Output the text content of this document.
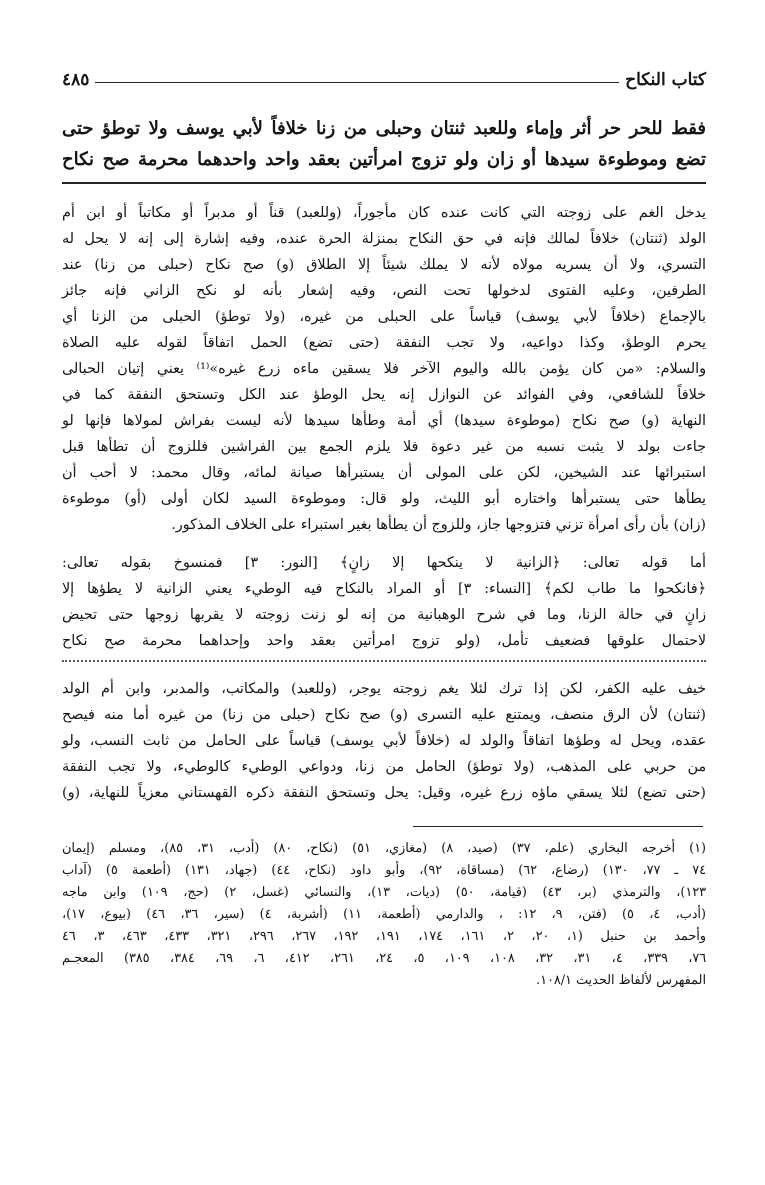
كتاب النكاح
٤٨٥
فقط للحر حر أثر وإماء وللعبد ثنتان وحبلى من زنا خلافاً لأبي يوسف ولا توطؤ حتى
تضع وموطوءة سيدها أو زان ولو تزوج امرأتين بعقد واحد واحدهما محرمة صح نكاح
يدخل الغم على زوجته التي كانت عنده كان مأجوراً، (وللعبد) قناً أو مدبراً أو مكاتباً أو ابن أم
الولد (ثنتان) خلافاً لمالك فإنه في حق النكاح بمنزلة الحرة عنده، وفيه إشارة إلى إنه لا يحل له
التسري، ولا أن يسريه مولاه لأنه لا يملك شيئاً إلا الطلاق (و) صح نكاح (حبلى من زنا) عند
الطرفين، وعليه الفتوى لدخولها تحت النص، وفيه إشعار بأنه لو نكح الزاني فإنه جائز
بالإجماع (خلافاً لأبي يوسف) قياساً على الحبلى من غيره، (ولا توطؤ) الحبلى من الزنا أي
يحرم الوطؤ، وكذا دواعيه، ولا تجب النفقة (حتى تضع) الحمل اتفاقاً لقوله عليه الصلاة
والسلام: «من كان يؤمن بالله واليوم الآخر فلا يسقين ماءه زرع غيره»⁽¹⁾ يعني إتيان الحبالى
خلافاً للشافعي، وفي الفوائد عن النوازل إنه يحل الوطؤ عند الكل وتستحق النفقة كما في
النهاية (و) صح نكاح (موطوءة سيدها) أي أمة وطأها سيدها لأنه ليست بفراش لمولاها فإنها لو
جاءت بولد لا يثبت نسبه من غير دعوة فلا يلزم الجمع بين الفراشين فللزوج أن تطأها قبل
استبرائها عند الشيخين، لكن على المولى أن يستبرأها صيانة لمائه، وقال محمد: لا أحب أن
يطأها حتى يستبرأها واختاره أبو الليث، ولو قال: وموطوءة السيد لكان أولى (أو) موطوءة
(زان) بأن رأى امرأة تزني فتزوجها جاز، وللزوج أن يطأها بغير استبراء على الخلاف المذكور.
أما قوله تعالى: ﴿الزانية لا ينكحها إلا زانٍ﴾ [النور: ٣] فمنسوخ بقوله تعالى:
﴿فانكحوا ما طاب لكم﴾ [النساء: ٣] أو المراد بالنكاح فيه الوطيء يعني الزانية لا يطؤها إلا
زانٍ في حالة الزنا، وما في شرح الوهبانية من إنه لو زنت زوجته لا يقربها زوجها حتى تحيض
لاحتمال علوقها فضعيف تأمل، (ولو تزوج امرأتين بعقد واحد وإحداهما محرمة صح نكاح
خيف عليه الكفر، لكن إذا ترك لئلا يغم زوجته يوجر، (وللعبد) والمكاتب، والمدبر، وابن أم الولد
(ثنتان) لأن الرق منصف، ويمتنع عليه التسرى (و) صح نكاح (حبلى من زنا) من غيره أما منه فيصح
عقده، ويحل له وطؤها اتفاقاً والولد له (خلافاً لأبي يوسف) قياساً على الحامل من ثابت النسب، ولو
من حربي على المذهب، (ولا توطؤ) الحامل من زنا، ودواعي الوطيء كالوطيء، ولا تجب النفقة
(حتى تضع) لئلا يسقي ماؤه زرع غيره، وقيل: يحل وتستحق النفقة ذكره القهستاني معزياً للنهاية، (و)
(١) أخرجه البخاري (علم، ٣٧) (صيد، ٨) (مغازي، ٥١) (نكاح، ٨٠) (أدب، ٣١، ٨٥)، ومسلم (إيمان
٧٤ ـ ٧٧، ١٣٠) (رضاع، ٦٢) (مساقاة، ٩٢)، وأبو داود (نكاح، ٤٤) (جهاد، ١٣١) (أطعمة ٥) (آداب
١٢٣)، والترمذي (بر، ٤٣) (قيامة، ٥٠) (ديات، ١٣)، والنسائي (غسل، ٢) (حج، ١٠٩) وابن ماجه
(أدب، ٤، ٥) (فتن، ٩، ١٢: ، والدارمي (أطعمة، ١١) (أشربة، ٤) (سير، ٣٦، ٤٦) (بيوع، ١٧)،
وأحمد بن حنبل (١، ٢٠، ٢، ١٦١، ١٧٤، ١٩١، ١٩٢، ٢٦٧، ٢٩٦، ٣٢١، ٤٣٣، ٤٦٣، ٣، ٤٦
٧٦، ٣٣٩، ٤، ٣١، ٣٢، ١٠٨، ١٠٩، ٥، ٢٤، ٢٦١، ٤١٢، ٦، ٦٩، ٣٨٤، ٣٨٥) المعجـم
المفهرس لألفاظ الحديث ١٠٨/١.
